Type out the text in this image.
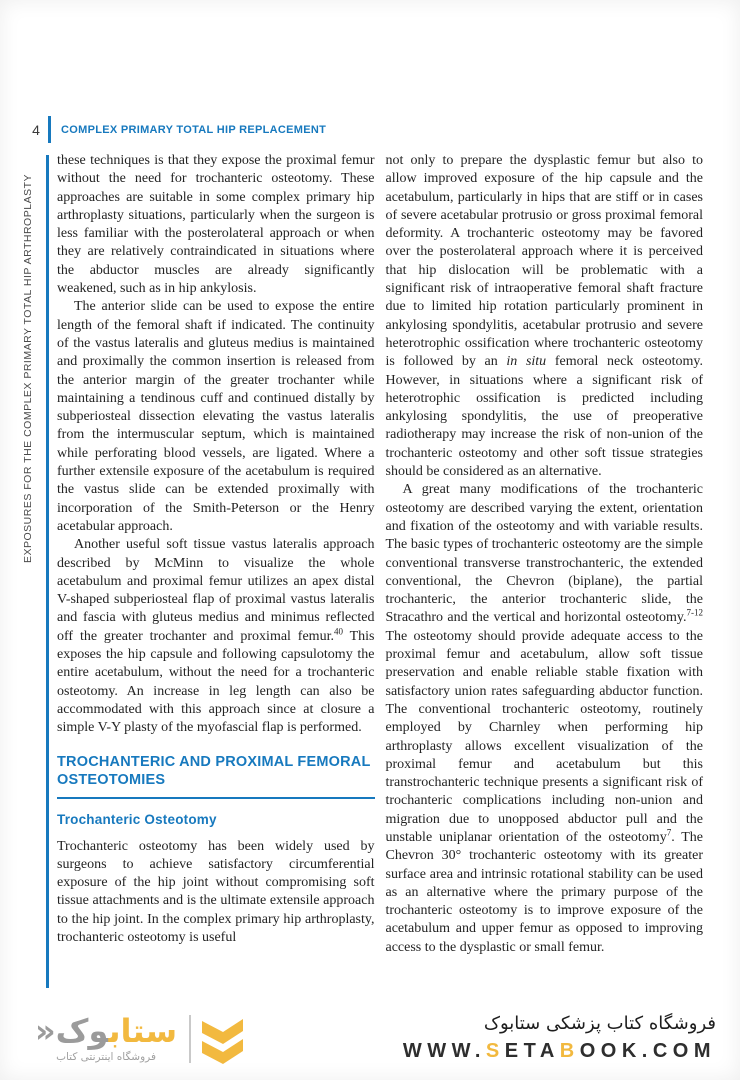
4	COMPLEX PRIMARY TOTAL HIP REPLACEMENT
EXPOSURES FOR THE COMPLEX PRIMARY TOTAL HIP ARTHROPLASTY

these techniques is that they expose the proximal femur without the need for trochanteric osteotomy. These approaches are suitable in some complex primary hip arthroplasty situations, particularly when the surgeon is less familiar with the posterolateral approach or when they are relatively contraindicated in situations where the abductor muscles are already significantly weakened, such as in hip ankylosis.

The anterior slide can be used to expose the entire length of the femoral shaft if indicated. The continuity of the vastus lateralis and gluteus medius is maintained and proximally the common insertion is released from the anterior margin of the greater trochanter while maintaining a tendinous cuff and continued distally by subperiosteal dissection elevating the vastus lateralis from the intermuscular septum, which is maintained while perforating blood vessels, are ligated. Where a further extensile exposure of the acetabulum is required the vastus slide can be extended proximally with incorporation of the Smith-Peterson or the Henry acetabular approach.

Another useful soft tissue vastus lateralis approach described by McMinn to visualize the whole acetabulum and proximal femur utilizes an apex distal V-shaped subperiosteal flap of proximal vastus lateralis and fascia with gluteus medius and minimus reflected off the greater trochanter and proximal femur.$^{40}$ This exposes the hip capsule and following capsulotomy the entire acetabulum, without the need for a trochanteric osteotomy. An increase in leg length can also be accommodated with this approach since at closure a simple V-Y plasty of the myofascial flap is performed.

TROCHANTERIC AND PROXIMAL FEMORAL OSTEOTOMIES
Trochanteric Osteotomy

Trochanteric osteotomy has been widely used by surgeons to achieve satisfactory circumferential exposure of the hip joint without compromising soft tissue attachments and is the ultimate extensile approach to the hip joint. In the complex primary hip arthroplasty, trochanteric osteotomy is useful

not only to prepare the dysplastic femur but also to allow improved exposure of the hip capsule and the acetabulum, particularly in hips that are stiff or in cases of severe acetabular protrusio or gross proximal femoral deformity. A trochanteric osteotomy may be favored over the posterolateral approach where it is perceived that hip dislocation will be problematic with a significant risk of intraoperative femoral shaft fracture due to limited hip rotation particularly prominent in ankylosing spondylitis, acetabular protrusio and severe heterotrophic ossification where trochanteric osteotomy is followed by an in situ femoral neck osteotomy. However, in situations where a significant risk of heterotrophic ossification is predicted including ankylosing spondylitis, the use of preoperative radiotherapy may increase the risk of non-union of the trochanteric osteotomy and other soft tissue strategies should be considered as an alternative.

A great many modifications of the trochanteric osteotomy are described varying the extent, orientation and fixation of the osteotomy and with variable results. The basic types of trochanteric osteotomy are the simple conventional transverse transtrochanteric, the extended conventional, the Chevron (biplane), the partial trochanteric, the anterior trochanteric slide, the Stracathro and the vertical and horizontal osteotomy.$^{7-12}$ The osteotomy should provide adequate access to the proximal femur and acetabulum, allow soft tissue preservation and enable reliable stable fixation with satisfactory union rates safeguarding abductor function. The conventional trochanteric osteotomy, routinely employed by Charnley when performing hip arthroplasty allows excellent visualization of the proximal femur and acetabulum but this transtrochanteric technique presents a significant risk of trochanteric complications including non-union and migration due to unopposed abductor pull and the unstable uniplanar orientation of the osteotomy$^7$. The Chevron 30° trochanteric osteotomy with its greater surface area and intrinsic rotational stability can be used as an alternative where the primary purpose of the trochanteric osteotomy is to improve exposure of the acetabulum and upper femur as opposed to improving access to the dysplastic or small femur.

ستابوک«
فروشگاه اینترنتی کتاب
فروشگاه کتاب پزشکی ستابوک
WWW.SETABOOK.COM
